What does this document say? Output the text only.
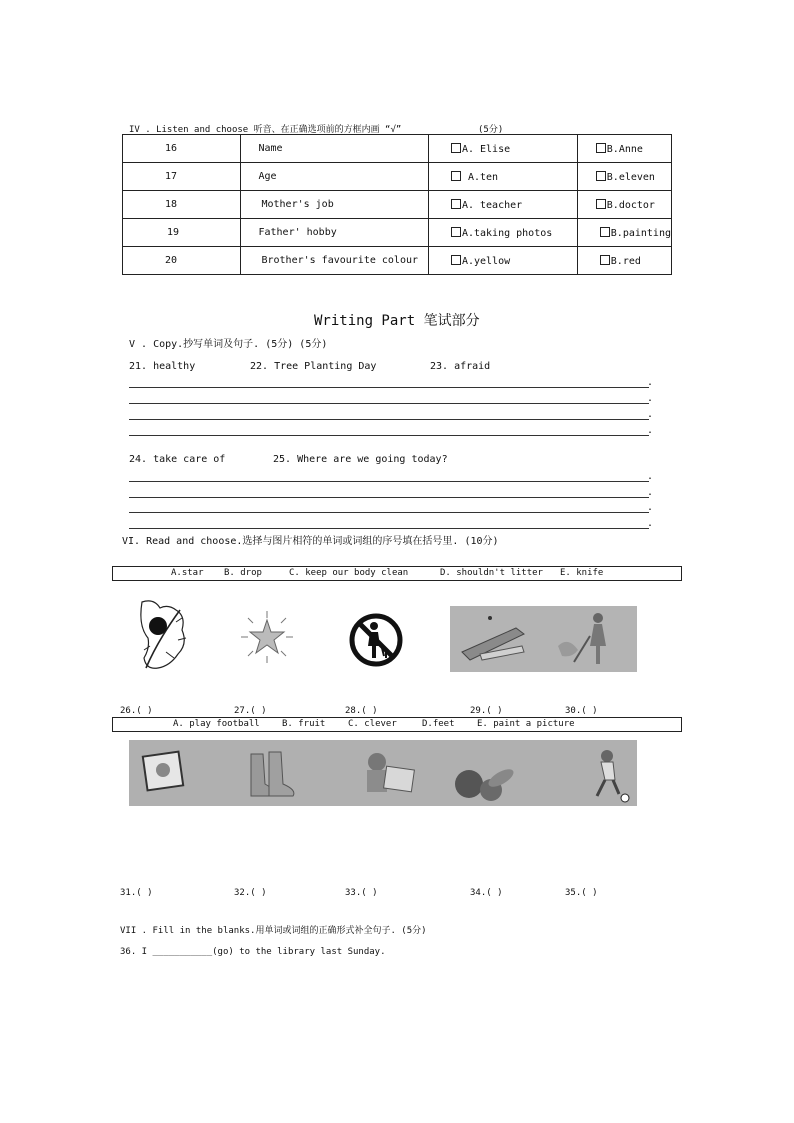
IV . Listen and choose 听音、在正确选项前的方框内画 “√”	(5分)
16	Name	A. Elise	B.Anne
17	Age	A.ten	B.eleven
18	Mother's job	A. teacher	B.doctor
19	Father' hobby	A.taking photos	B.painting
20	Brother's favourite colour	A.yellow	B.red
Writing Part 笔试部分
V . Copy.抄写单词及句子. (5分) (5分)
21. healthy	22. Tree Planting Day	23. afraid
.
.
.
.
24. take care of	25. Where are we going today?
.
.
.
.
VI. Read and choose.选择与图片相符的单词或词组的序号填在括号里. (10分)
A.star B. drop	C. keep our body clean	D. shouldn't litter E. knife
26.( )	27.( )	28.( )	29.( )	30.( )
A. play football B. fruit	C. clever	D.feet E. paint a picture
31.( )	32.( )	33.( )	34.( )	35.( )
VII . Fill in the blanks.用单词或词组的正确形式补全句子. (5分)
36. I ___________(go) to the library last Sunday.
